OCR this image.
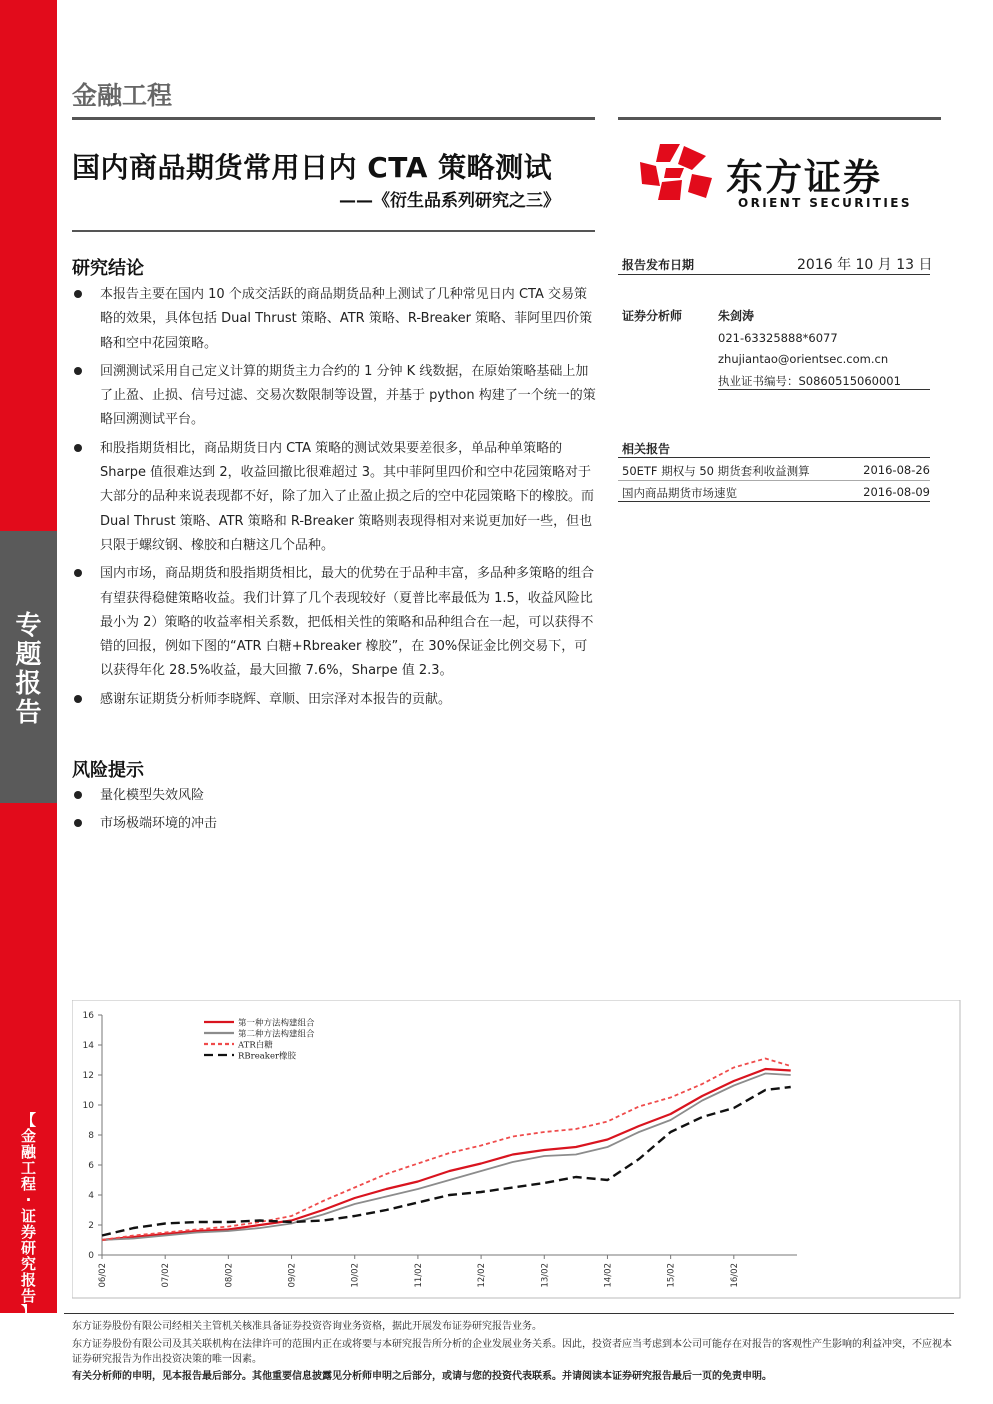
专
题
报
告
【
金
融
工
程
·
证
券
研
究
报
告
】
金融工程
国内商品期货常用日内 CTA 策略测试
——《衍生品系列研究之三》
东方证券
ORIENT SECURITIES
研究结论
本报告主要在国内 10 个成交活跃的商品期货品种上测试了几种常见日内 CTA 交易策略的效果，具体包括 Dual Thrust 策略、ATR 策略、R-Breaker 策略、菲阿里四价策略和空中花园策略。
回溯测试采用自己定义计算的期货主力合约的 1 分钟 K 线数据，在原始策略基础上加了止盈、止损、信号过滤、交易次数限制等设置，并基于 python 构建了一个统一的策略回溯测试平台。
和股指期货相比，商品期货日内 CTA 策略的测试效果要差很多，单品种单策略的 Sharpe 值很难达到 2，收益回撤比很难超过 3。其中菲阿里四价和空中花园策略对于大部分的品种来说表现都不好，除了加入了止盈止损之后的空中花园策略下的橡胶。而 Dual Thrust 策略、ATR 策略和 R-Breaker 策略则表现得相对来说更加好一些，但也只限于螺纹钢、橡胶和白糖这几个品种。
国内市场，商品期货和股指期货相比，最大的优势在于品种丰富，多品种多策略的组合有望获得稳健策略收益。我们计算了几个表现较好（夏普比率最低为 1.5，收益风险比最小为 2）策略的收益率相关系数，把低相关性的策略和品种组合在一起，可以获得不错的回报，例如下图的“ATR 白糖+Rbreaker 橡胶”，在 30%保证金比例交易下，可以获得年化 28.5%收益，最大回撤 7.6%，Sharpe 值 2.3。
感谢东证期货分析师李晓辉、章顺、田宗泽对本报告的贡献。
风险提示
量化模型失效风险
市场极端环境的冲击
报告发布日期	2016 年 10 月 13 日
证券分析师	朱剑涛
021-63325888*6077
zhujiantao@orientsec.com.cn
执业证书编号：S0860515060001
相关报告
50ETF 期权与 50 期货套利收益测算	2016-08-26
国内商品期货市场速览	2016-08-09
0
2
4
6
8
10
12
14
16
06/02	07/02	08/02	09/02	10/02	11/02	12/02	13/02	14/02	15/02	16/02
第一种方法构建组合
第二种方法构建组合
ATR白糖
RBreaker橡胶
东方证券股份有限公司经相关主管机关核准具备证券投资咨询业务资格，据此开展发布证券研究报告业务。
东方证券股份有限公司及其关联机构在法律许可的范围内正在或将要与本研究报告所分析的企业发展业务关系。因此，投资者应当考虑到本公司可能存在对报告的客观性产生影响的利益冲突，不应视本证券研究报告为作出投资决策的唯一因素。
有关分析师的申明，见本报告最后部分。其他重要信息披露见分析师申明之后部分，或请与您的投资代表联系。并请阅读本证券研究报告最后一页的免责申明。
